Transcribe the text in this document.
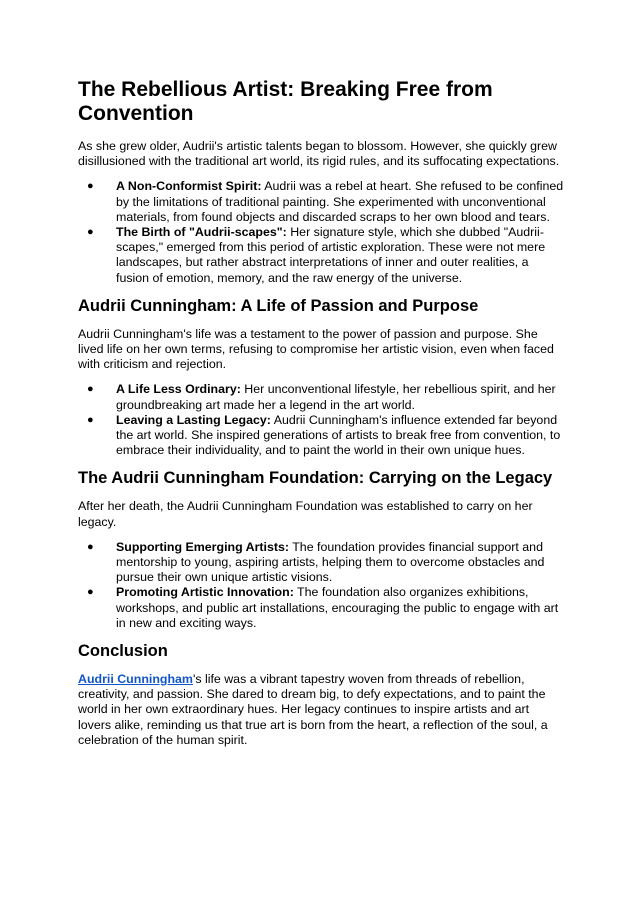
The Rebellious Artist: Breaking Free from Convention

As she grew older, Audrii's artistic talents began to blossom. However, she quickly grew disillusioned with the traditional art world, its rigid rules, and its suffocating expectations.

● A Non-Conformist Spirit: Audrii was a rebel at heart. She refused to be confined by the limitations of traditional painting. She experimented with unconventional materials, from found objects and discarded scraps to her own blood and tears.
● The Birth of "Audrii-scapes": Her signature style, which she dubbed "Audrii-scapes," emerged from this period of artistic exploration. These were not mere landscapes, but rather abstract interpretations of inner and outer realities, a fusion of emotion, memory, and the raw energy of the universe.
Audrii Cunningham: A Life of Passion and Purpose

Audrii Cunningham's life was a testament to the power of passion and purpose. She lived life on her own terms, refusing to compromise her artistic vision, even when faced with criticism and rejection.

● A Life Less Ordinary: Her unconventional lifestyle, her rebellious spirit, and her groundbreaking art made her a legend in the art world.
● Leaving a Lasting Legacy: Audrii Cunningham's influence extended far beyond the art world. She inspired generations of artists to break free from convention, to embrace their individuality, and to paint the world in their own unique hues.
The Audrii Cunningham Foundation: Carrying on the Legacy

After her death, the Audrii Cunningham Foundation was established to carry on her legacy.

● Supporting Emerging Artists: The foundation provides financial support and mentorship to young, aspiring artists, helping them to overcome obstacles and pursue their own unique artistic visions.
● Promoting Artistic Innovation: The foundation also organizes exhibitions, workshops, and public art installations, encouraging the public to engage with art in new and exciting ways.
Conclusion

Audrii Cunningham's life was a vibrant tapestry woven from threads of rebellion, creativity, and passion. She dared to dream big, to defy expectations, and to paint the world in her own extraordinary hues. Her legacy continues to inspire artists and art lovers alike, reminding us that true art is born from the heart, a reflection of the soul, a celebration of the human spirit.
